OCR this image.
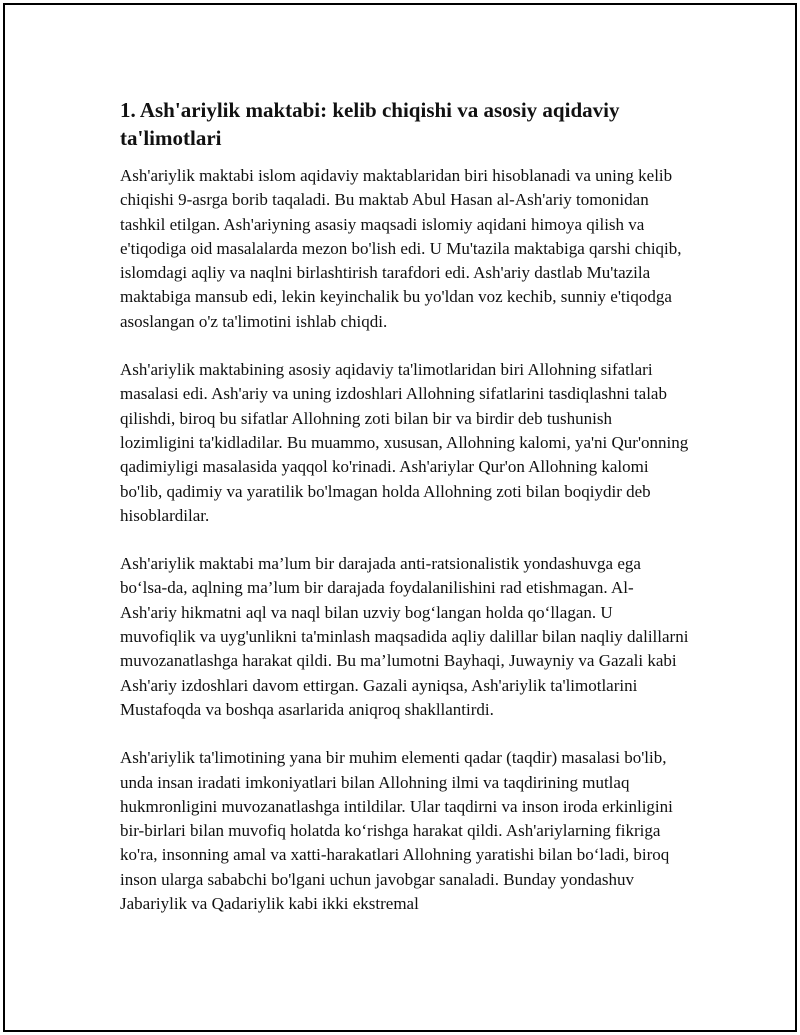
1. Ash'ariylik maktabi: kelib chiqishi va asosiy aqidaviy ta'limotlari

Ash'ariylik maktabi islom aqidaviy maktablaridan biri hisoblanadi va uning kelib chiqishi 9-asrga borib taqaladi. Bu maktab Abul Hasan al-Ash'ariy tomonidan tashkil etilgan. Ash'ariyning asasiy maqsadi islomiy aqidani himoya qilish va e'tiqodiga oid masalalarda mezon bo'lish edi. U Mu'tazila maktabiga qarshi chiqib, islomdagi aqliy va naqlni birlashtirish tarafdori edi. Ash'ariy dastlab Mu'tazila maktabiga mansub edi, lekin keyinchalik bu yo'ldan voz kechib, sunniy e'tiqodga asoslangan o'z ta'limotini ishlab chiqdi.

Ash'ariylik maktabining asosiy aqidaviy ta'limotlaridan biri Allohning sifatlari masalasi edi. Ash'ariy va uning izdoshlari Allohning sifatlarini tasdiqlashni talab qilishdi, biroq bu sifatlar Allohning zoti bilan bir va birdir deb tushunish lozimligini ta'kidladilar. Bu muammo, xususan, Allohning kalomi, ya'ni Qur'onning qadimiyligi masalasida yaqqol ko'rinadi. Ash'ariylar Qur'on Allohning kalomi bo'lib, qadimiy va yaratilik bo'lmagan holda Allohning zoti bilan boqiydir deb hisoblardilar.

Ash'ariylik maktabi ma’lum bir darajada anti-ratsionalistik yondashuvga ega bo‘lsa-da, aqlning ma’lum bir darajada foydalanilishini rad etishmagan. Al-Ash'ariy hikmatni aql va naql bilan uzviy bog‘langan holda qo‘llagan. U muvofiqlik va uyg'unlikni ta'minlash maqsadida aqliy dalillar bilan naqliy dalillarni muvozanatlashga harakat qildi. Bu ma’lumotni Bayhaqi, Juwayniy va Gazali kabi Ash'ariy izdoshlari davom ettirgan. Gazali ayniqsa, Ash'ariylik ta'limotlarini Mustafoqda va boshqa asarlarida aniqroq shakllantirdi.

Ash'ariylik ta'limotining yana bir muhim elementi qadar (taqdir) masalasi bo'lib, unda insan iradati imkoniyatlari bilan Allohning ilmi va taqdirining mutlaq hukmronligini muvozanatlashga intildilar. Ular taqdirni va inson iroda erkinligini bir-birlari bilan muvofiq holatda ko‘rishga harakat qildi. Ash'ariylarning fikriga ko'ra, insonning amal va xatti-harakatlari Allohning yaratishi bilan bo‘ladi, biroq inson ularga sababchi bo'lgani uchun javobgar sanaladi. Bunday yondashuv Jabariylik va Qadariylik kabi ikki ekstremal
